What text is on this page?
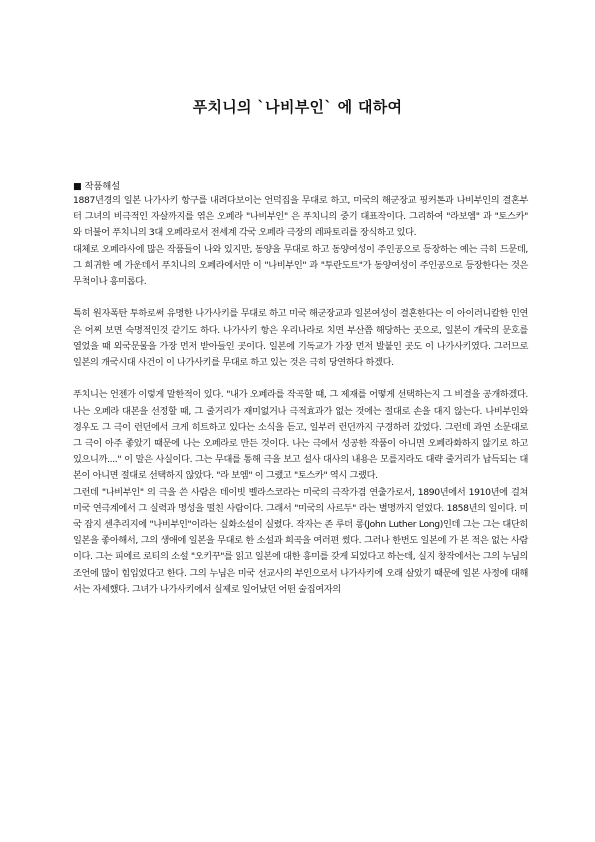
푸치니의 `나비부인` 에 대하여
■ 작품해설

1887년경의 일본 나가사키 항구를 내려다보이는 언덕집을 무대로 하고, 미국의 해군장교 핑커톤과 나비부인의 결혼부터 그녀의 비극적인 자살까지를 엮은 오페라 "나비부인" 은 푸치니의 중기 대표작이다. 그리하여 "라보엠" 과 "토스카" 와 더불어 푸치니의 3대 오페라로서 전세계 각국 오페라 극장의 레파토리를 장식하고 있다.

대체로 오페라사에 많은 작품들이 나와 있지만, 동양을 무대로 하고 동양여성이 주인공으로 등장하는 예는 극히 드문데, 그 희귀한 예 가운데서 푸치니의 오페라에서만 이 "나비부인" 과 "투란도트"가 동양여성이 주인공으로 등장한다는 것은 무척이나 흥미롭다.

특히 원자폭탄 투하로써 유명한 나가사키를 무대로 하고 미국 해군장교과 일본여성이 결혼한다는 이 아이러니칼한 인연은 어찌 보면 숙명적인것 같기도 하다. 나가사키 항은 우리나라로 치면 부산쯤 해당하는 곳으로, 일본이 개국의 문호를 열었을 때 외국문물을 가장 먼저 받아들인 곳이다. 일본에 기독교가 가장 먼저 발붙인 곳도 이 나가사키였다. 그러므로 일본의 개국시대 사건이 이 나가사키를 무대로 하고 있는 것은 극히 당연하다 하겠다.

푸치니는 언젠가 이렇게 말한적이 있다. "내가 오페라를 작곡할 때, 그 제재를 어떻게 선택하는지 그 비결을 공개하겠다. 나는 오페라 대본을 선정할 때, 그 줄거리가 재미없거나 극적효과가 없는 것에는 절대로 손을 대지 않는다. 나비부인와 경우도 그 극이 런던에서 크게 히트하고 있다는 소식을 듣고, 일부러 런던까지 구경하러 갔었다. 그런데 과연 소문대로 그 극이 아주 좋았기 때문에 나는 오페라로 만든 것이다. 나는 극에서 성공한 작품이 아니면 오페라화하지 않기로 하고 있으니까...." 이 말은 사실이다. 그는 무대를 통해 극을 보고 설사 대사의 내용은 모를지라도 대략 줄거리가 납득되는 대본이 아니면 절대로 선택하지 않았다. "라 보엠" 이 그랬고 "토스카" 역시 그랬다.

그런데 "나비부인" 의 극을 쓴 사람은 데이빗 벨라스코라는 미국의 극작가겸 연출가로서, 1890년에서 1910년에 걸쳐 미국 연극계에서 그 실력과 명성을 떨친 사람이다. 그래서 "미국의 사르두" 라는 별명까지 얻었다. 1858년의 일이다. 미국 잡지 센추리지에 "나비부인"이라는 실화소설이 실렸다. 작자는 존 루더 롱(John Luther Long)인데 그는 그는 대단히 일본을 좋아해서, 그의 생애에 일본을 무대로 한 소설과 희곡을 여러편 썼다. 그러나 한번도 일본에 가 본 적은 없는 사람이다. 그는 피에르 로티의 소설 "오키꾸"를 읽고 일본에 대한 흥미를 갖게 되었다고 하는데, 실지 창작에서는 그의 누님의 조언에 많이 힘입었다고 한다. 그의 누님은 미국 선교사의 부인으로서 나가사키에 오래 살았기 때문에 일본 사정에 대해서는 자세했다. 그녀가 나가사키에서 실제로 일어났던 어떤 술집여자의
